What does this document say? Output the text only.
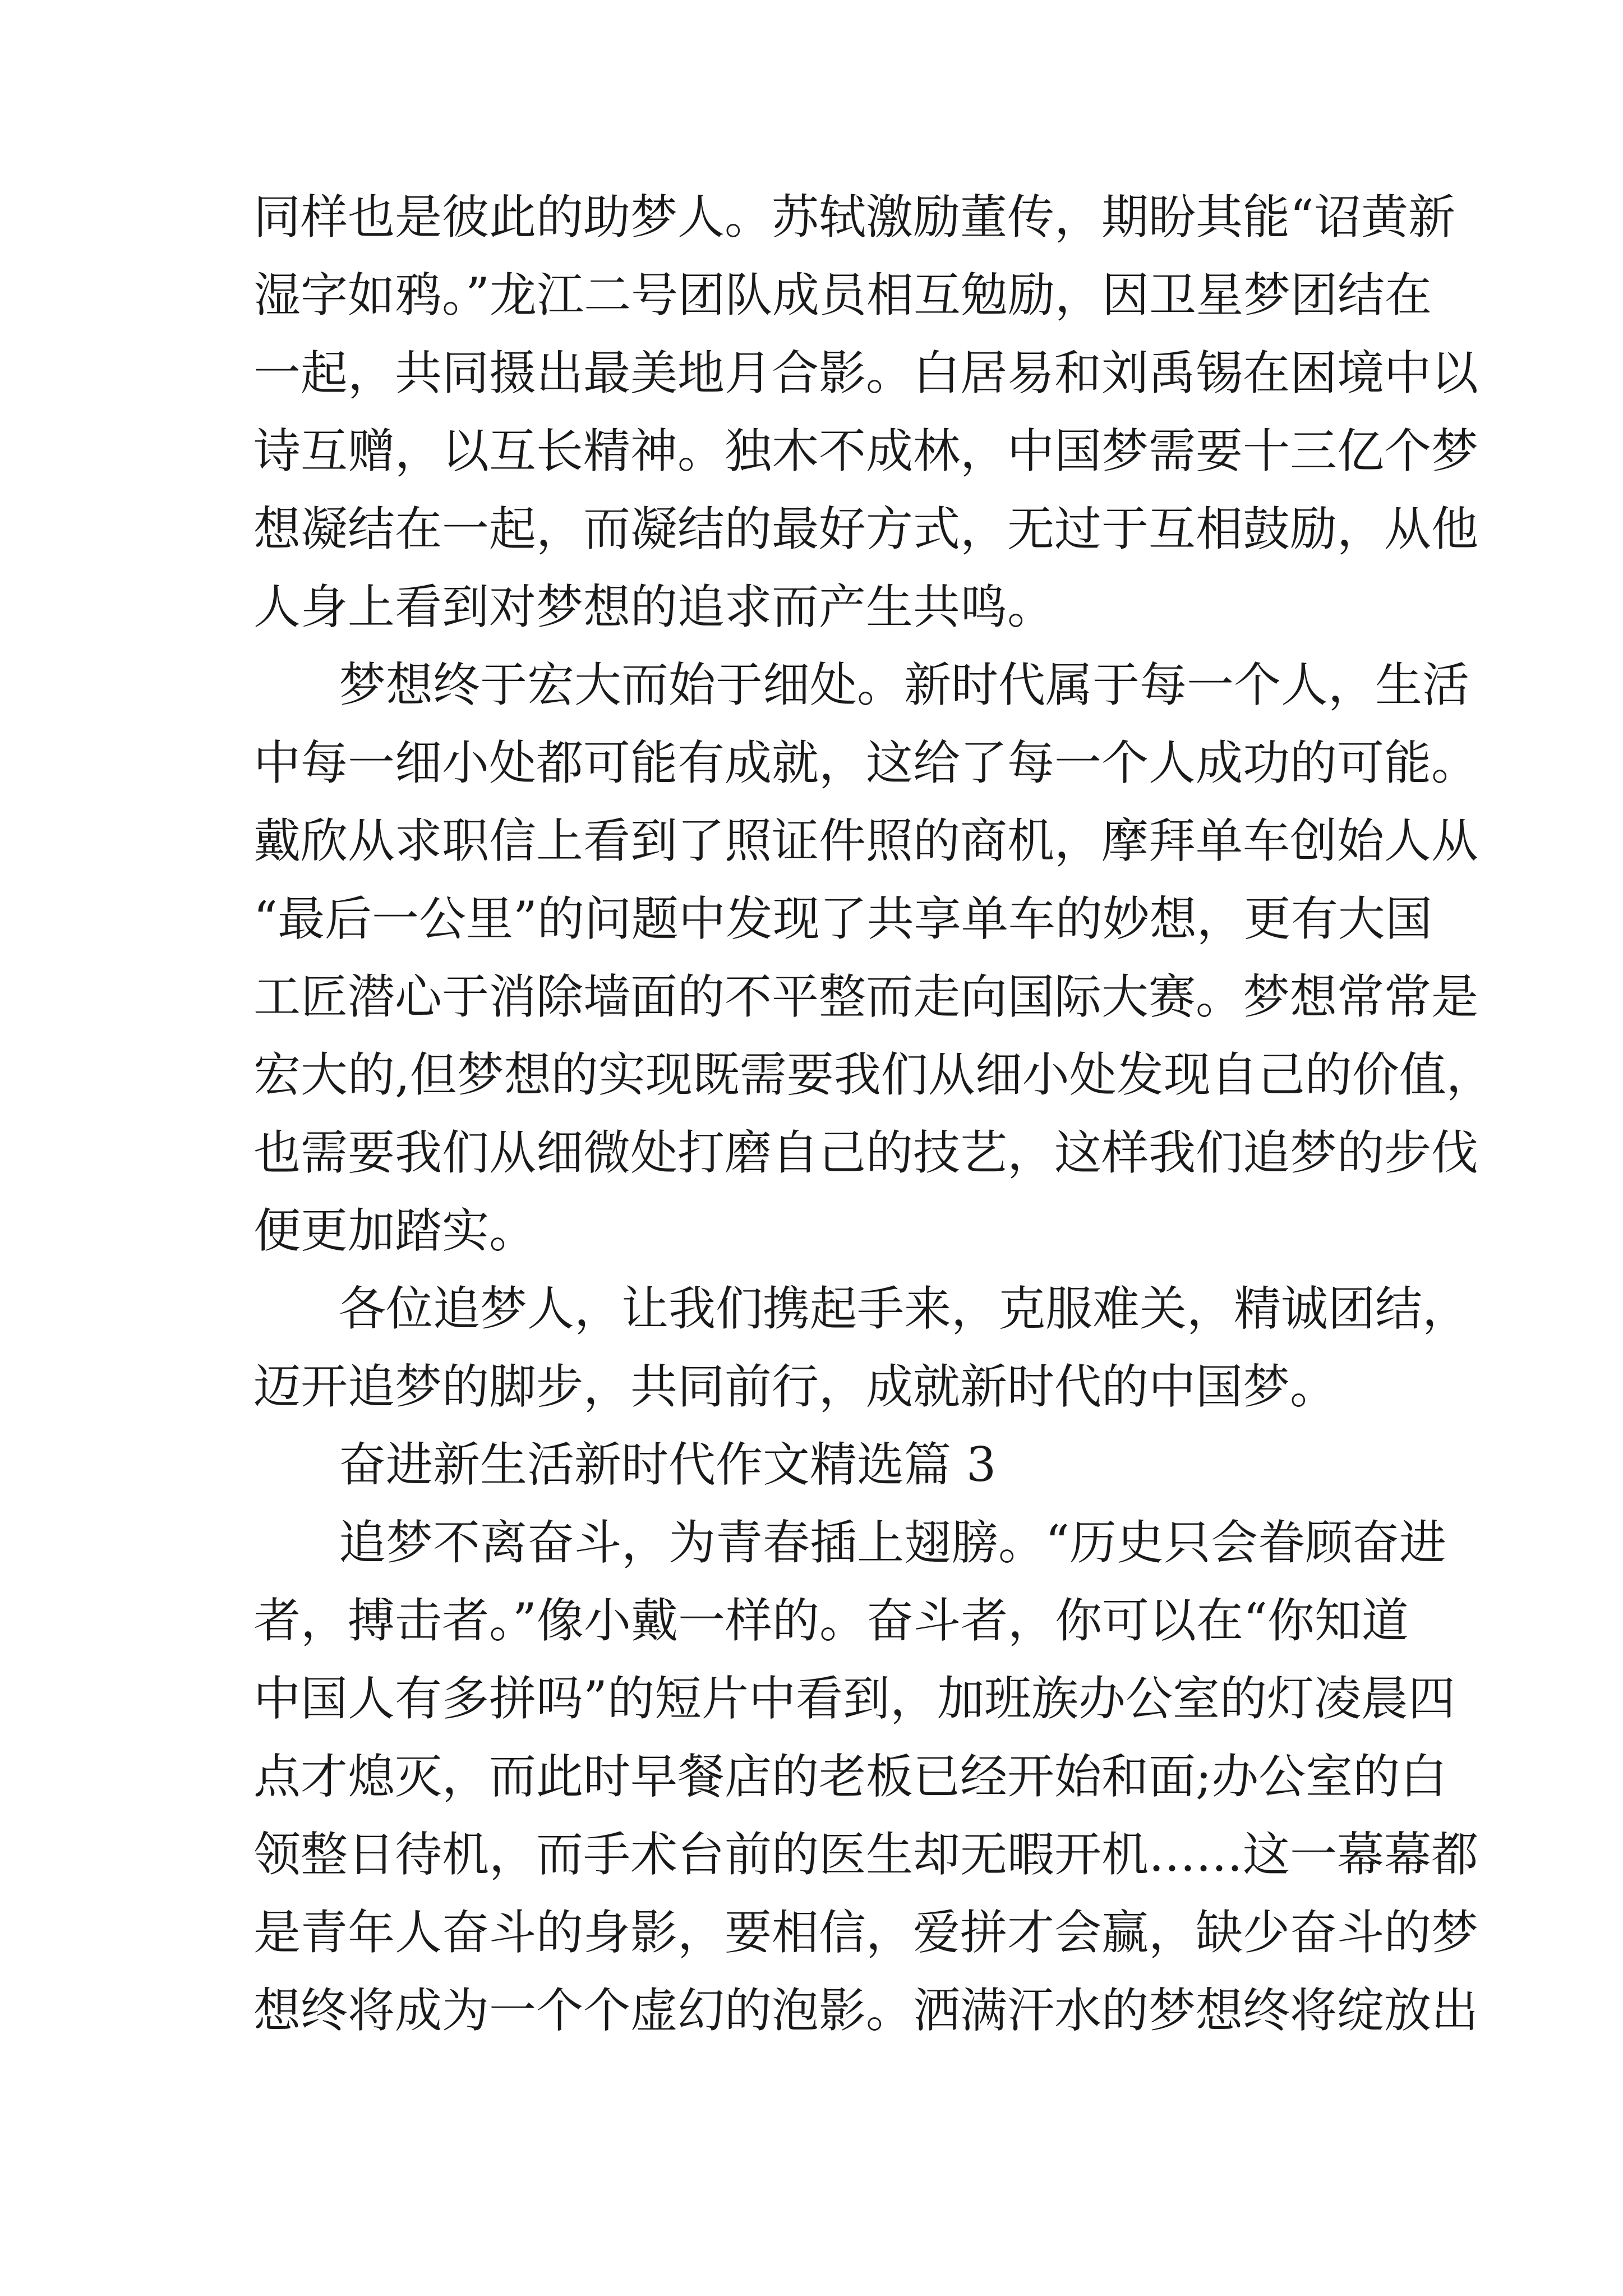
同样也是彼此的助梦人。苏轼激励董传，期盼其能“诏黄新
湿字如鸦。”龙江二号团队成员相互勉励，因卫星梦团结在
一起，共同摄出最美地月合影。白居易和刘禹锡在困境中以
诗互赠，以互长精神。独木不成林，中国梦需要十三亿个梦
想凝结在一起，而凝结的最好方式，无过于互相鼓励，从他
人身上看到对梦想的追求而产生共鸣。
梦想终于宏大而始于细处。新时代属于每一个人，生活
中每一细小处都可能有成就，这给了每一个人成功的可能。
戴欣从求职信上看到了照证件照的商机，摩拜单车创始人从
“最后一公里”的问题中发现了共享单车的妙想，更有大国
工匠潜心于消除墙面的不平整而走向国际大赛。梦想常常是
宏大的,但梦想的实现既需要我们从细小处发现自己的价值，
也需要我们从细微处打磨自己的技艺，这样我们追梦的步伐
便更加踏实。
各位追梦人，让我们携起手来，克服难关，精诚团结，
迈开追梦的脚步，共同前行，成就新时代的中国梦。
奋进新生活新时代作文精选篇 3
追梦不离奋斗，为青春插上翅膀。“历史只会眷顾奋进
者，搏击者。”像小戴一样的。奋斗者，你可以在“你知道
中国人有多拼吗”的短片中看到，加班族办公室的灯凌晨四
点才熄灭，而此时早餐店的老板已经开始和面;办公室的白
领整日待机，而手术台前的医生却无暇开机……这一幕幕都
是青年人奋斗的身影，要相信，爱拼才会赢，缺少奋斗的梦
想终将成为一个个虚幻的泡影。洒满汗水的梦想终将绽放出
